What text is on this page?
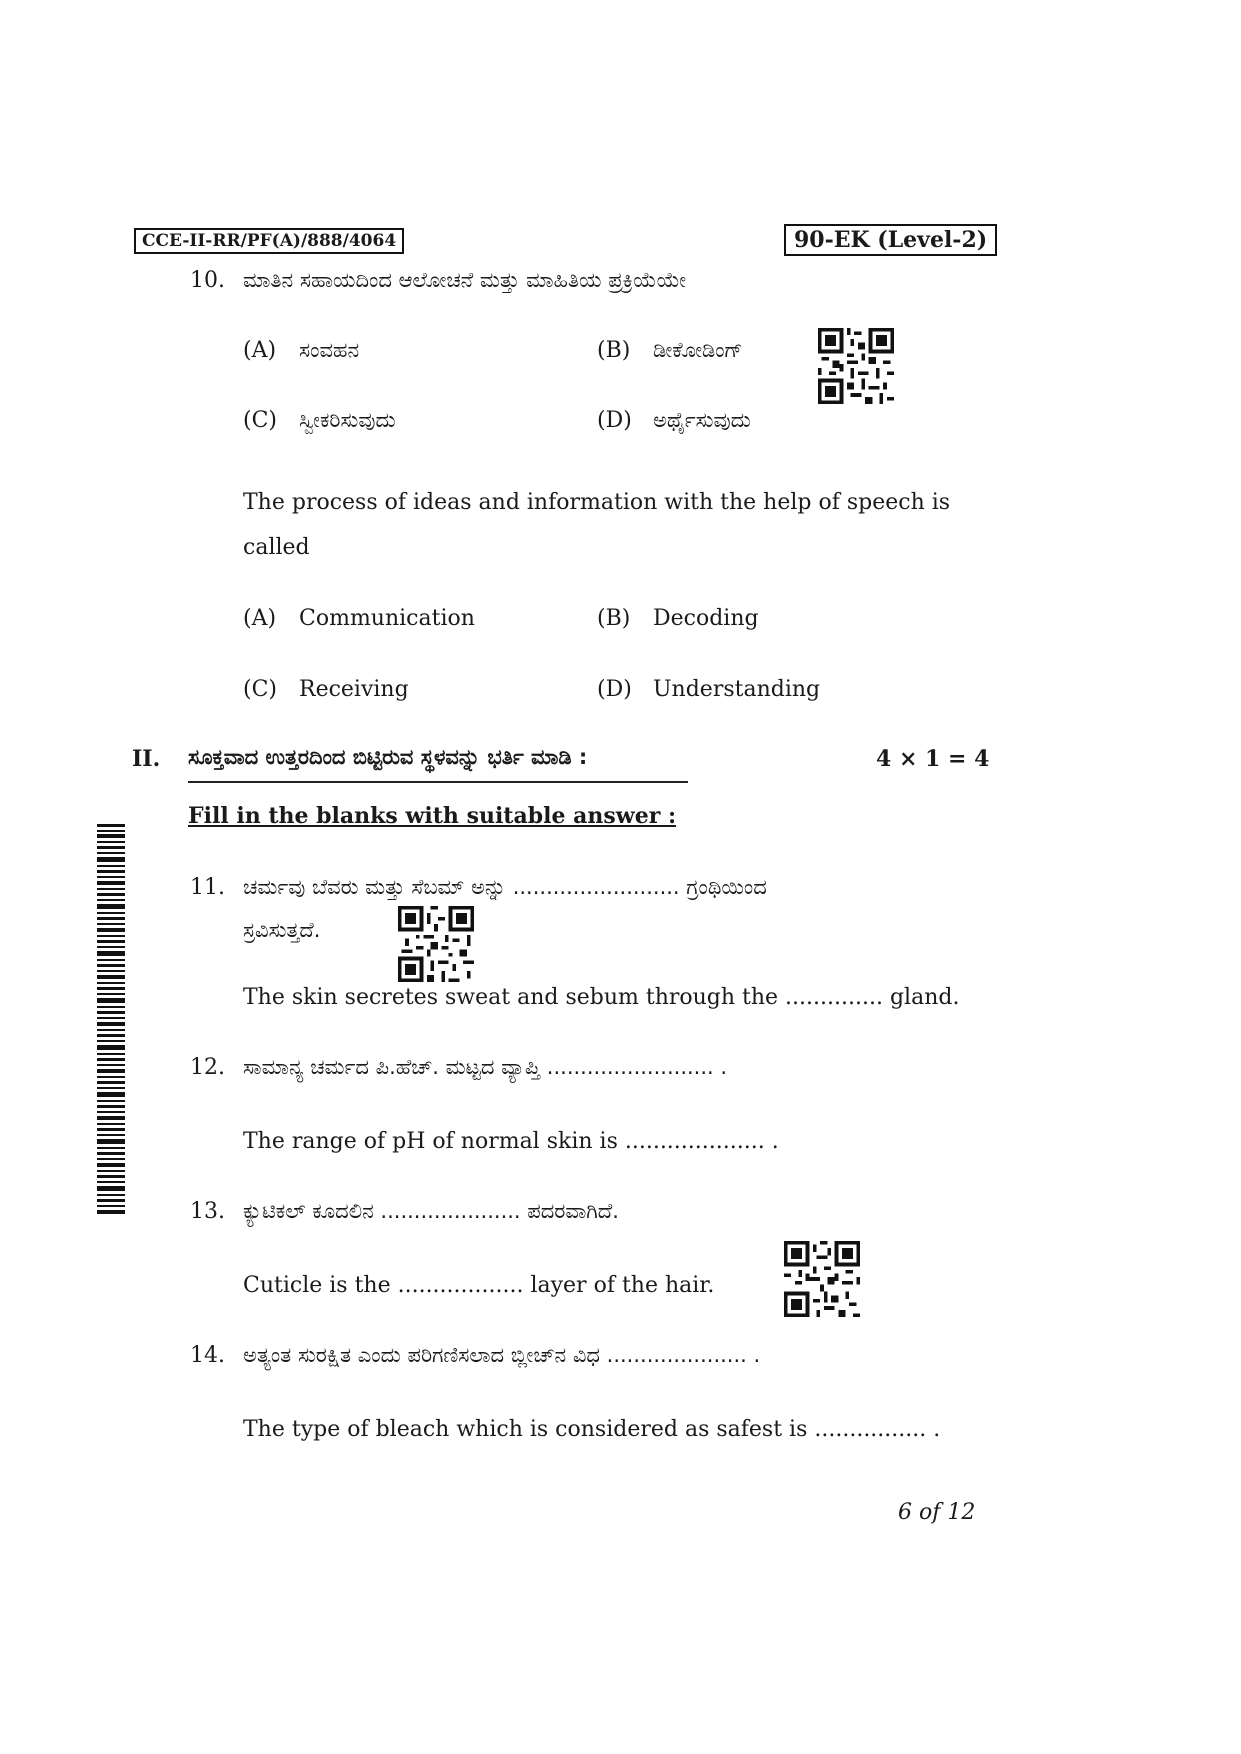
CCE-II-RR/PF(A)/888/4064	90-EK (Level-2)
10. ಮಾತಿನ ಸಹಾಯದಿಂದ ಆಲೋಚನೆ ಮತ್ತು ಮಾಹಿತಿಯ ಪ್ರಕ್ರಿಯೆಯೇ
(A) ಸಂವಹನ	(B) ಡೀಕೋಡಿಂಗ್
(C) ಸ್ವೀಕರಿಸುವುದು	(D) ಅರ್ಥೈಸುವುದು
The process of ideas and information with the help of speech is
called
(A) Communication	(B) Decoding
(C) Receiving	(D) Understanding
II. ಸೂಕ್ತವಾದ ಉತ್ತರದಿಂದ ಬಿಟ್ಟಿರುವ ಸ್ಥಳವನ್ನು ಭರ್ತಿ ಮಾಡಿ :	4 × 1 = 4
Fill in the blanks with suitable answer :
11. ಚರ್ಮವು ಬೆವರು ಮತ್ತು ಸೆಬಮ್ ಅನ್ನು ......................... ಗ್ರಂಥಿಯಿಂದ
ಸ್ರವಿಸುತ್ತದೆ.
The skin secretes sweat and sebum through the .............. gland.
12. ಸಾಮಾನ್ಯ ಚರ್ಮದ ಪಿ.ಹೆಚ್. ಮಟ್ಟದ ವ್ಯಾಪ್ತಿ ......................... .
The range of pH of normal skin is .................... .
13. ಕ್ಯುಟಿಕಲ್ ಕೂದಲಿನ ..................... ಪದರವಾಗಿದೆ.
Cuticle is the .................. layer of the hair.
14. ಅತ್ಯಂತ ಸುರಕ್ಷಿತ ಎಂದು ಪರಿಗಣಿಸಲಾದ ಬ್ಲೀಚ್‌ನ ವಿಧ ..................... .
The type of bleach which is considered as safest is ................ .
6 of 12
